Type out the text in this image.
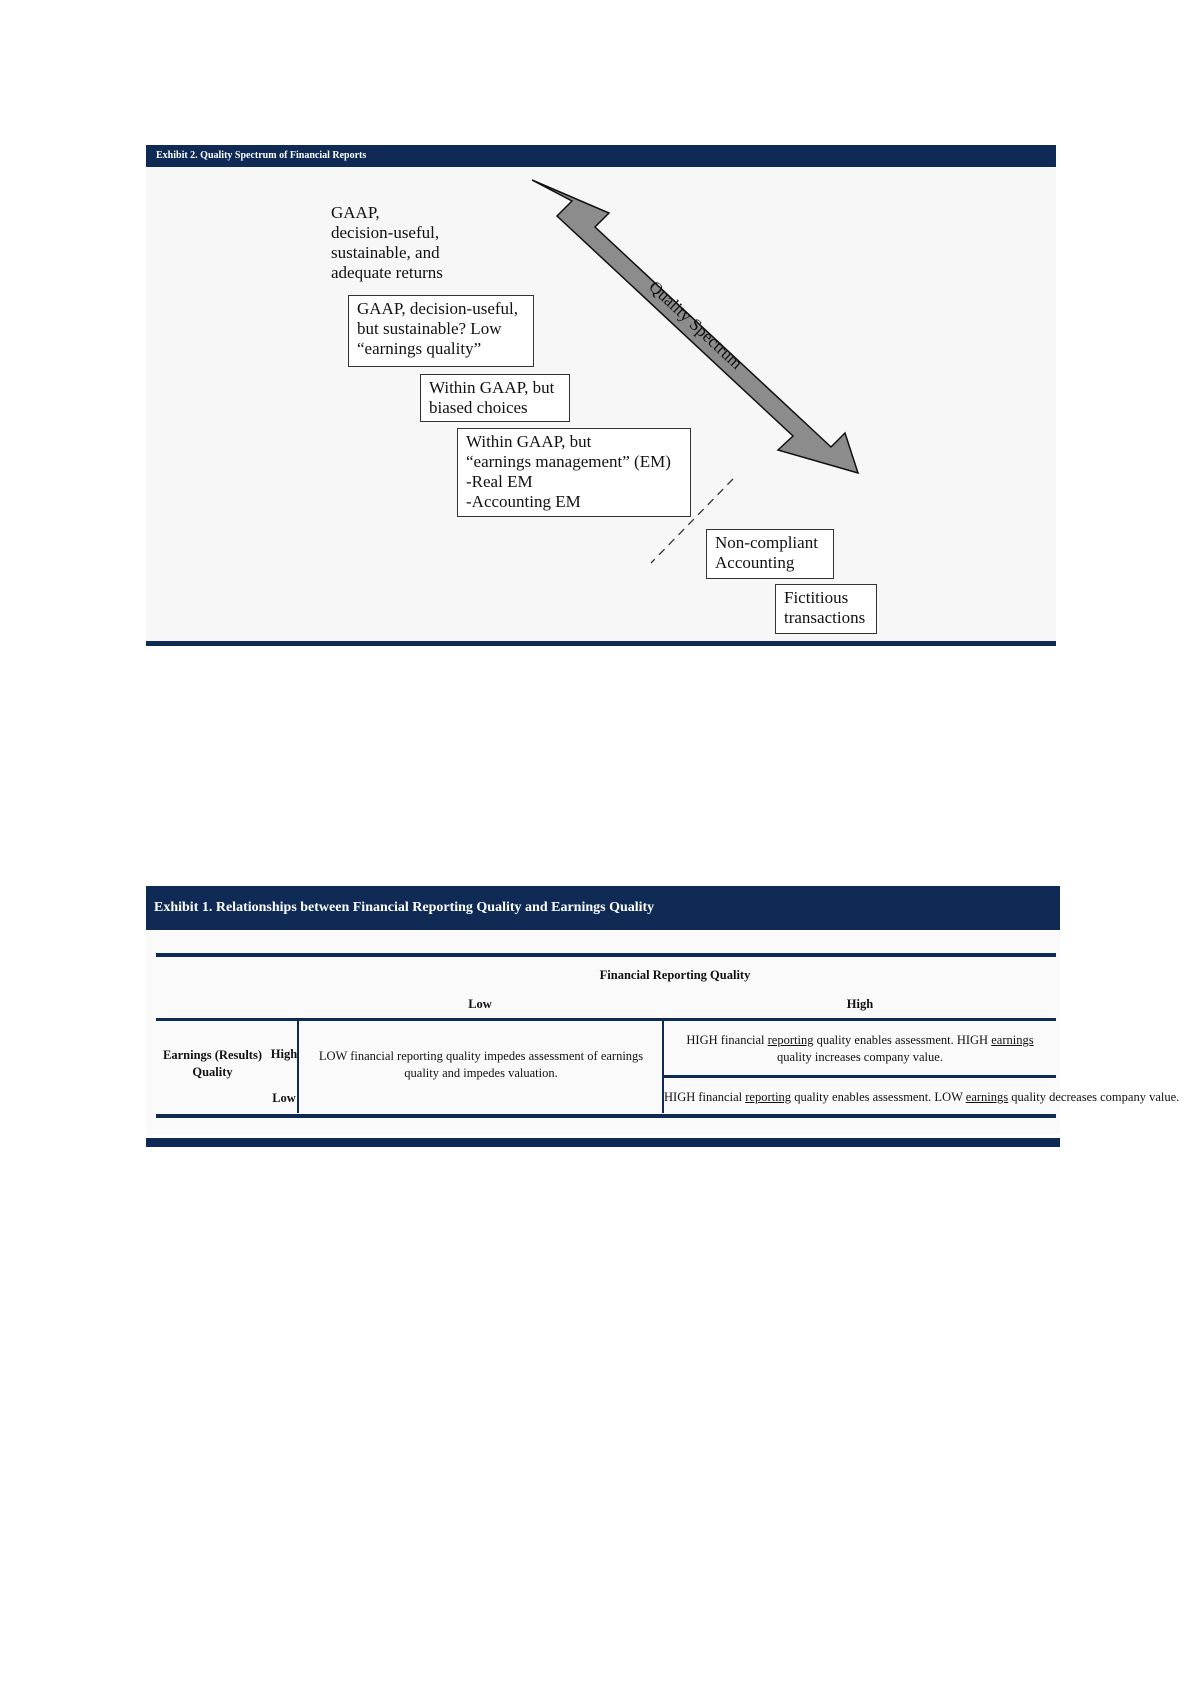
Exhibit 2. Quality Spectrum of Financial Reports
Quality Spectrum
GAAP,
decision-useful,
sustainable, and
adequate returns
GAAP, decision-useful,
but sustainable? Low
“earnings quality”
Within GAAP, but
biased choices
Within GAAP, but
“earnings management” (EM)
-Real EM
-Accounting EM
Non-compliant
Accounting
Fictitious
transactions
Exhibit 1. Relationships between Financial Reporting Quality and Earnings Quality
Financial Reporting Quality
Low	High
Earnings (Results)
Quality
High
Low
LOW financial reporting quality impedes assessment of earnings quality and impedes valuation.
HIGH financial reporting quality enables assessment. HIGH earnings quality increases company value.
HIGH financial reporting quality enables assessment. LOW earnings quality decreases company value.
